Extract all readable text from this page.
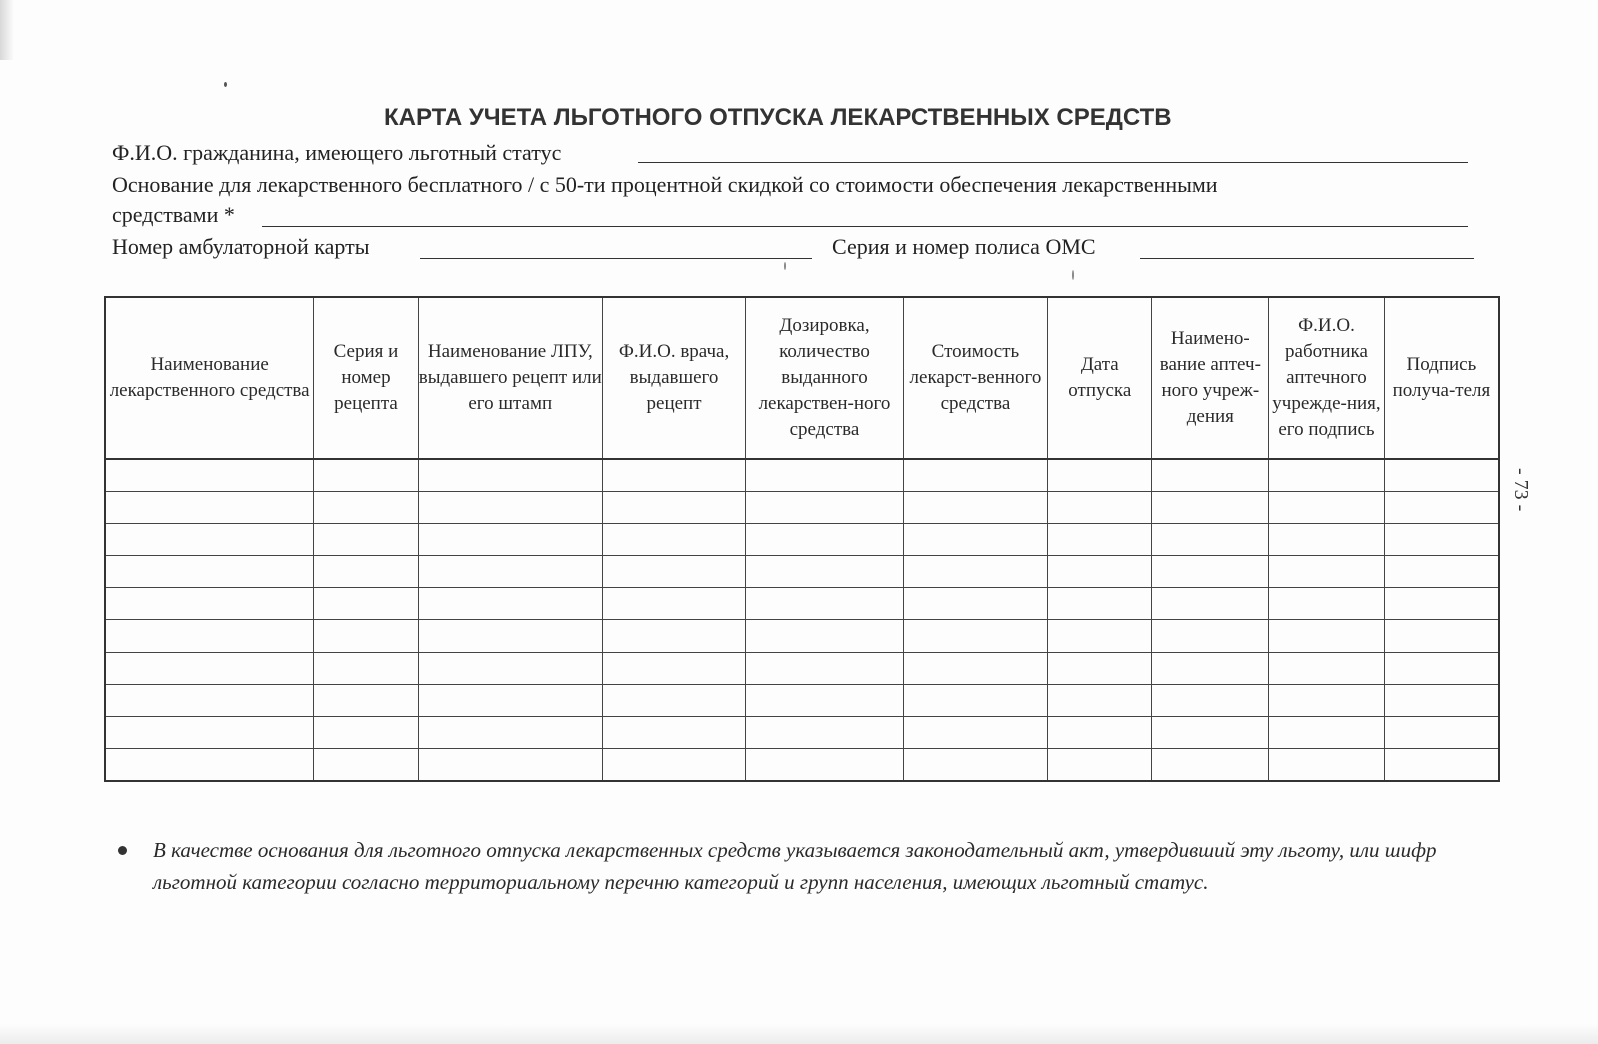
КАРТА УЧЕТА ЛЬГОТНОГО ОТПУСКА ЛЕКАРСТВЕННЫХ СРЕДСТВ
Ф.И.О. гражданина, имеющего льготный статус
Основание для лекарственного бесплатного / с 50-ти процентной скидкой со стоимости обеспечения лекарственными
средствами *
Номер амбулаторной карты	Серия и номер полиса ОМС
Наименование лекарственного средства	Серия и номер рецепта	Наименование ЛПУ, выдавшего рецепт или его штамп	Ф.И.О. врача, выдавшего рецепт	Дозировка, количество выданного лекарствен-ного средства	Стоимость лекарст-венного средства	Дата отпуска	Наимено-вание аптеч-ного учреж-дения	Ф.И.О. работника аптечного учрежде-ния, его подпись	Подпись получа-теля

В качестве основания для льготного отпуска лекарственных средств указывается законодательный акт, утвердивший эту льготу, или шифр льготной категории согласно территориальному перечню категорий и групп населения, имеющих льготный статус.
- 73 -
